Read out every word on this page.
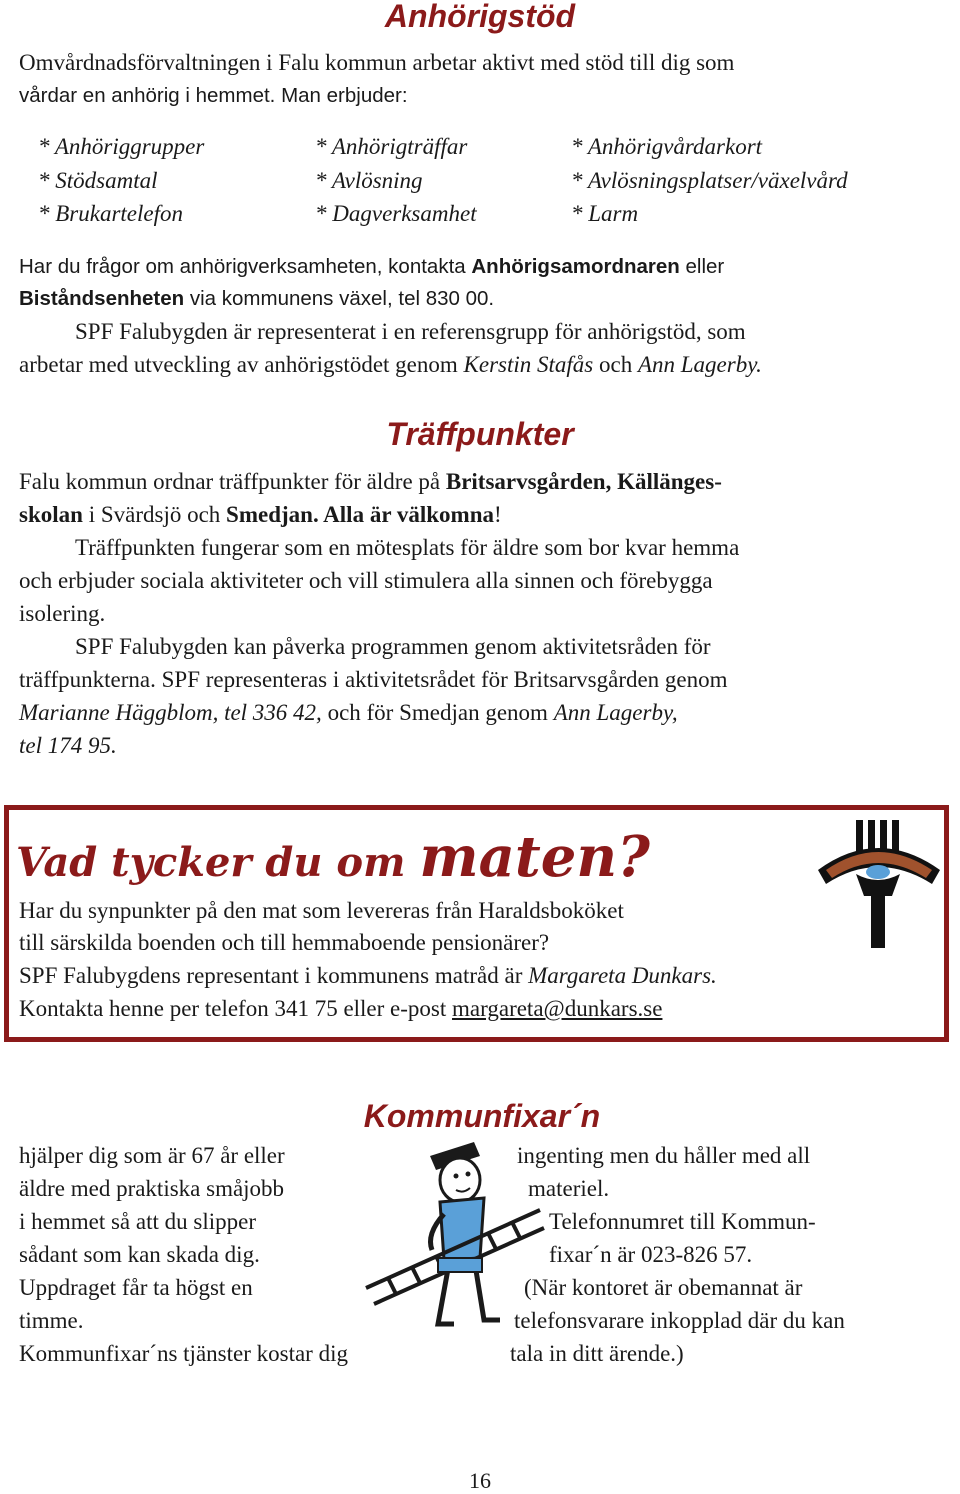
Anhörigstöd
Omvårdnadsförvaltningen i Falu kommun arbetar aktivt med stöd till dig som
vårdar en anhörig i hemmet. Man erbjuder:
* Anhöriggrupper	* Anhörigträffar	* Anhörigvårdarkort
* Stödsamtal	* Avlösning	* Avlösningsplatser/växelvård
* Brukartelefon	* Dagverksamhet	* Larm
Har du frågor om anhörigverksamheten, kontakta Anhörigsamordnaren eller
Biståndsenheten via kommunens växel, tel 830 00.
SPF Falubygden är representerat i en referensgrupp för anhörigstöd, som
arbetar med utveckling av anhörigstödet genom Kerstin Stafås och Ann Lagerby.
Träffpunkter
Falu kommun ordnar träffpunkter för äldre på Britsarvsgården, Källänges-
skolan i Svärdsjö och Smedjan. Alla är välkomna!
Träffpunkten fungerar som en mötesplats för äldre som bor kvar hemma
och erbjuder sociala aktiviteter och vill stimulera alla sinnen och förebygga
isolering.
SPF Falubygden kan påverka programmen genom aktivitetsråden för
träffpunkterna. SPF representeras i aktivitetsrådet för Britsarvsgården genom
Marianne Häggblom, tel 336 42, och för Smedjan genom Ann Lagerby,
tel 174 95.
Vad tycker du om maten?
Har du synpunkter på den mat som levereras från Haraldsboköket
till särskilda boenden och till hemmaboende pensionärer?
SPF Falubygdens representant i kommunens matråd är Margareta Dunkars.
Kontakta henne per telefon 341 75 eller e-post margareta@dunkars.se
Kommunfixar´n
hjälper dig som är 67 år eller
äldre med praktiska småjobb
i hemmet så att du slipper
sådant som kan skada dig.
Uppdraget får ta högst en
timme.
Kommunfixar´ns tjänster kostar dig
ingenting men du håller med all
materiel.
Telefonnumret till Kommun-
fixar´n är 023-826 57.
(När kontoret är obemannat är
telefonsvarare inkopplad där du kan
tala in ditt ärende.)
16
